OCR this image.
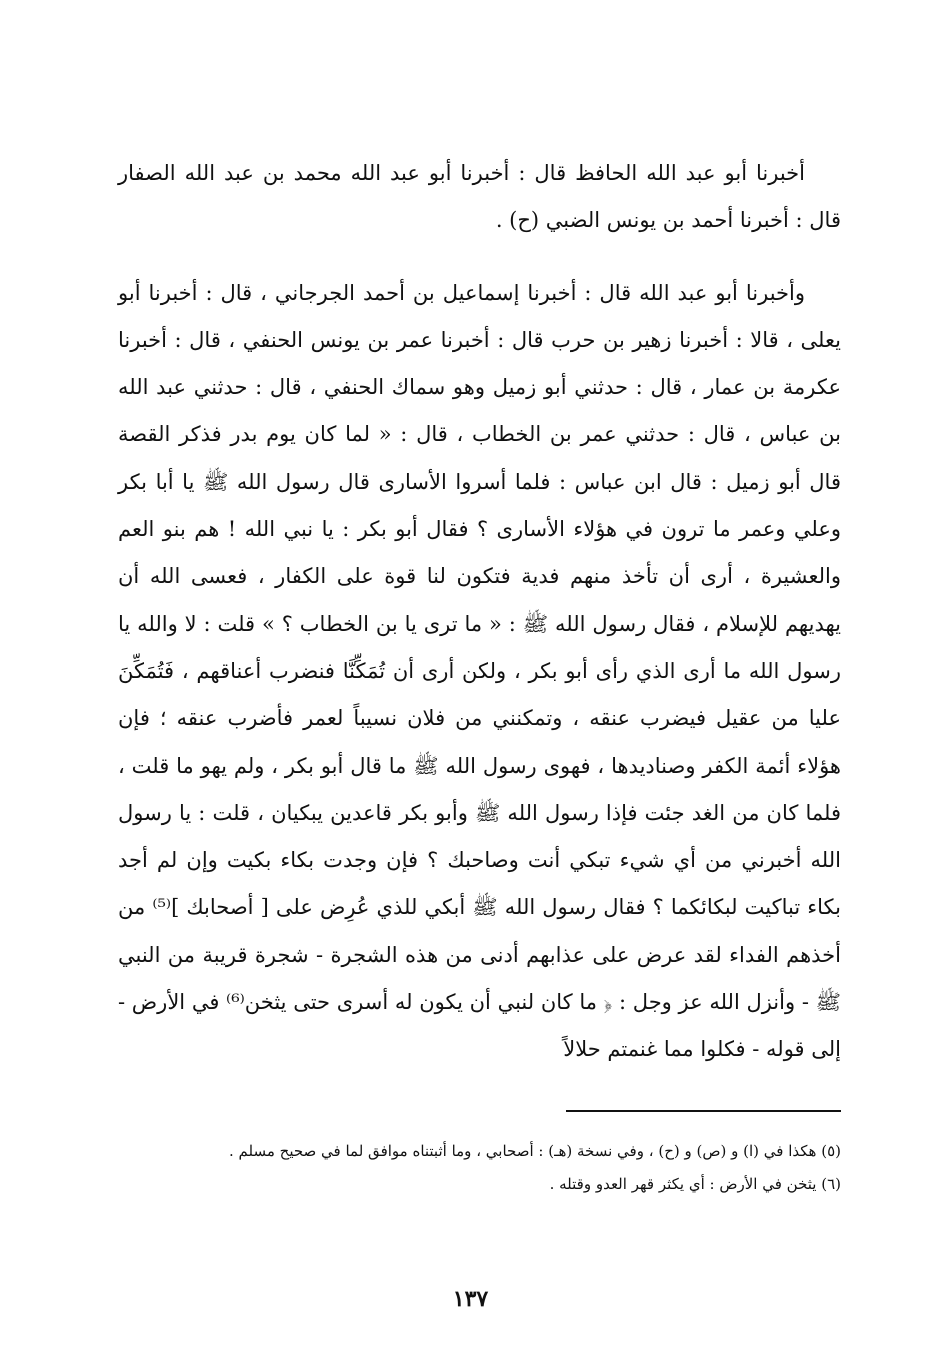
أخبرنا أبو عبد الله الحافظ قال : أخبرنا أبو عبد الله محمد بن عبد الله الصفار قال : أخبرنا أحمد بن يونس الضبي (ح) .

وأخبرنا أبو عبد الله قال : أخبرنا إسماعيل بن أحمد الجرجاني ، قال : أخبرنا أبو يعلى ، قالا : أخبرنا زهير بن حرب قال : أخبرنا عمر بن يونس الحنفي ، قال : أخبرنا عكرمة بن عمار ، قال : حدثني أبو زميل وهو سماك الحنفي ، قال : حدثني عبد الله بن عباس ، قال : حدثني عمر بن الخطاب ، قال : « لما كان يوم بدر فذكر القصة قال أبو زميل : قال ابن عباس : فلما أسروا الأسارى قال رسول الله ﷺ يا أبا بكر وعلي وعمر ما ترون في هؤلاء الأسارى ؟ فقال أبو بكر : يا نبي الله ! هم بنو العم والعشيرة ، أرى أن تأخذ منهم فدية فتكون لنا قوة على الكفار ، فعسى الله أن يهديهم للإسلام ، فقال رسول الله ﷺ : « ما ترى يا بن الخطاب ؟ » قلت : لا والله يا رسول الله ما أرى الذي رأى أبو بكر ، ولكن أرى أن تُمَكِّنَّا فنضرب أعناقهم ، فَتُمَكِّنَ عليا من عقيل فيضرب عنقه ، وتمكنني من فلان نسيباً لعمر فأضرب عنقه ؛ فإن هؤلاء أئمة الكفر وصناديدها ، فهوى رسول الله ﷺ ما قال أبو بكر ، ولم يهو ما قلت ، فلما كان من الغد جئت فإذا رسول الله ﷺ وأبو بكر قاعدين يبكيان ، قلت : يا رسول الله أخبرني من أي شيء تبكي أنت وصاحبك ؟ فإن وجدت بكاء بكيت وإن لم أجد بكاء تباكيت لبكائكما ؟ فقال رسول الله ﷺ أبكي للذي عُرِض على [ أصحابك ]⁽⁵⁾ من أخذهم الفداء لقد عرض على عذابهم أدنى من هذه الشجرة - شجرة قريبة من النبي ﷺ - وأنزل الله عز وجل : ﴿ ما كان لنبي أن يكون له أسرى حتى يثخن⁽⁶⁾ في الأرض - إلى قوله - فكلوا مما غنمتم حلالاً

(٥) هكذا في (ا) و (ص) و (ح) ، وفي نسخة (هـ) : أصحابي ، وما أثبتناه موافق لما في صحيح مسلم .

(٦) يثخن في الأرض : أي يكثر قهر العدو وقتله .

١٣٧
